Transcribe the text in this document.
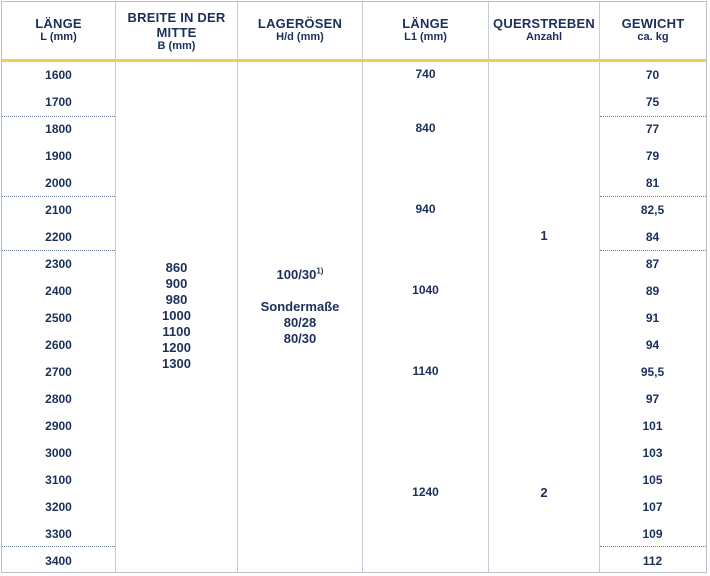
LÄNGE
L (mm)
BREITE IN DER MITTE
B (mm)
LAGERÖSEN
H/d (mm)
LÄNGE
L1 (mm)
QUERSTREBEN
Anzahl
GEWICHT
ca. kg
1600
1700
1800
1900
2000
2100
2200
2300
2400
2500
2600
2700
2800
2900
3000
3100
3200
3300
3400
70
75
77
79
81
82,5
84
87
89
91
94
95,5
97
101
103
105
107
109
112
860
900
980
1000
1100
1200
1300
100/30$^{1)}$
Sondermaße
80/28
80/30
740
840
940
1040
1140
1240
1
2
